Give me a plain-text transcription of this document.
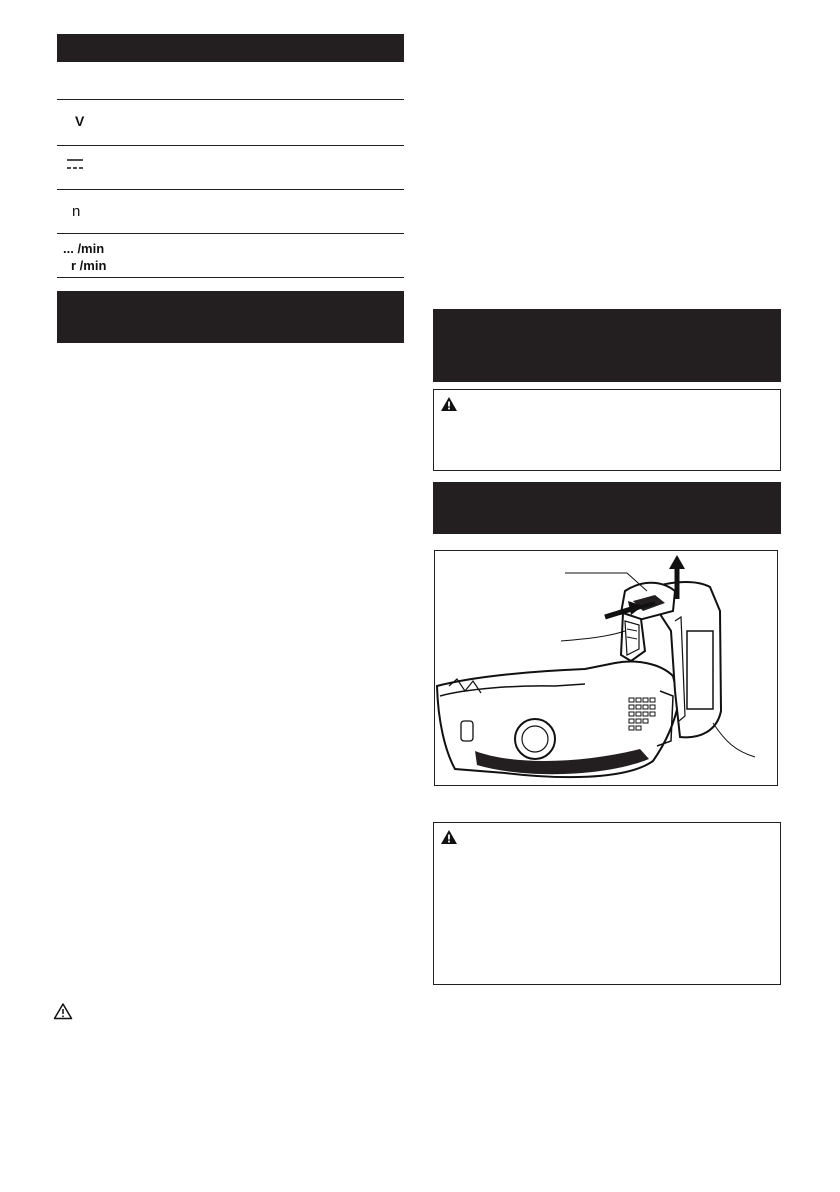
V
n
... /min
r /min
